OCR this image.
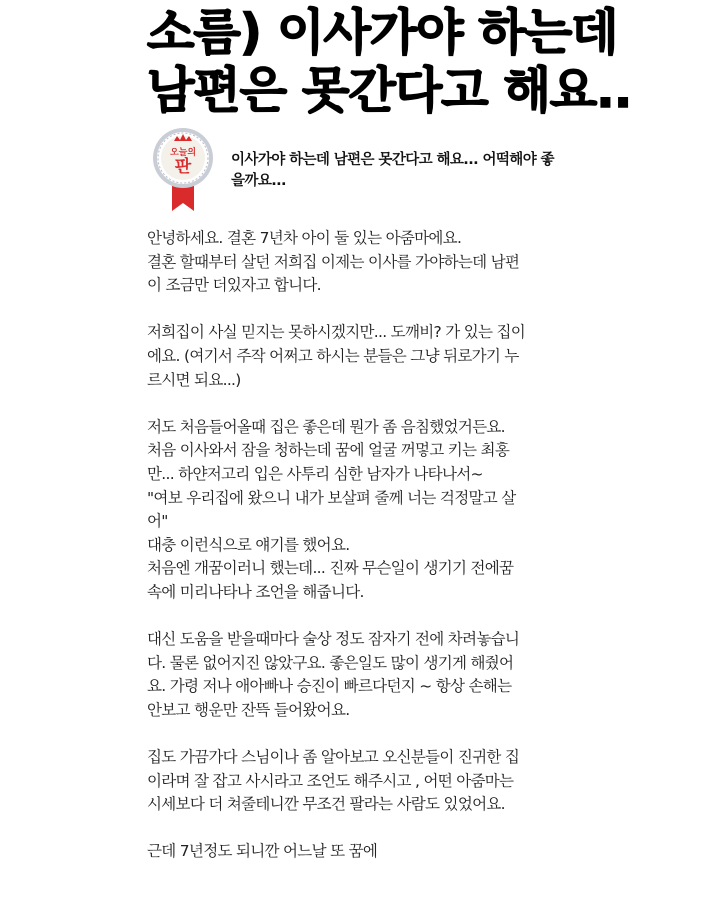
소름) 이사가야 하는데
남편은 못간다고 해요..
오늘의
판	이사가야 하는데 남편은 못간다고 해요... 어떡해야 좋
을까요...
안녕하세요. 결혼 7년차 아이 둘 있는 아줌마에요.
결혼 할때부터 살던 저희집 이제는 이사를 가야하는데 남편
이 조금만 더있자고 합니다.
저희집이 사실 믿지는 못하시겠지만... 도깨비? 가 있는 집이
에요. (여기서 주작 어쩌고 하시는 분들은 그냥 뒤로가기 누
르시면 되요...)
저도 처음들어올때 집은 좋은데 뭔가 좀 음침했었거든요.
처음 이사와서 잠을 청하는데 꿈에 얼굴 꺼멓고 키는 최홍
만... 하얀저고리 입은 사투리 심한 남자가 나타나서~
"여보 우리집에 왔으니 내가 보살펴 줄께 너는 걱정말고 살
어"
대충 이런식으로 얘기를 했어요.
처음엔 개꿈이러니 했는데... 진짜 무슨일이 생기기 전에꿈
속에 미리나타나 조언을 해줍니다.
대신 도움을 받을때마다 술상 정도 잠자기 전에 차려놓습니
다. 물론 없어지진 않았구요. 좋은일도 많이 생기게 해줬어
요. 가령 저나 애아빠나 승진이 빠르다던지 ~ 항상 손해는
안보고 행운만 잔뜩 들어왔어요.
집도 가끔가다 스님이나 좀 알아보고 오신분들이 진귀한 집
이라며 잘 잡고 사시라고 조언도 해주시고 , 어떤 아줌마는
시세보다 더 쳐줄테니깐 무조건 팔라는 사람도 있었어요.
근데 7년정도 되니깐 어느날 또 꿈에
